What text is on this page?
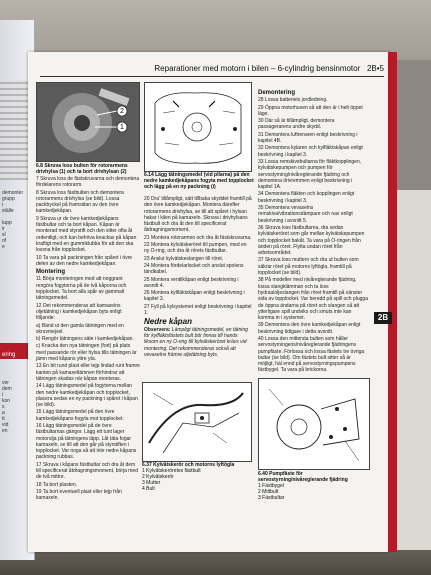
demonter
grupp
i
ställe

tupp
ir
sl
of
e
ver
dem
i
kon
s
a
tt
vid
en
ering
Reparationer med motorn i bilen – 6-cylindrig bensinmotor 2B•5
2
1
6.8 Skruva loss bulten för rotorarmens drivhylsa (1) och ta bort drivhylsan (2)	6.14 Lägg tätningsmedel (vid pilarna) på den nedre kamkedjekåpans fogyta med topplocket och lägg på en ny packning (i)

7 Skruva loss de fästskruvarna och demontera fördelarens rotorarm.

8 Skruva loss fästbulten och demontera rotorarmens drivhylsa (se bild). Lossa packbyckel på framsidan av den övre kamkedjekåpan.

9 Skruva ur de övre kamkedjekåpans fästbultar och ta bort kåpan. Kåpan är monterad med styrstift och den sitter ofta åt ordentligt, och kan behöva knackas på kåpan kraftigt med en gummiklubba för att den ska lossna från topplocket.

10 Ta vara på packningen från spåret i övre delen av den nedre kamkedjekåpan.

Montering

11 Börja monteringen med att noggrant rengöra fogytorna på de två kåporna och topplocket. Ta bort alla spår av gammalt tätningsmedel.

12 Det rekommenderas att kamaxelns oljetätning i kamkedjekåpan byts enligt följande:

a) Bänd ut den gamla tätningen med en skruvmejsel.

b) Rengör tätningens säte i kamkedjekåpan.

c) Knacka den nya tätningen (fort) på plats med passande rör eller hylsa tills tätningen är jämn med kåpans yttre yta.

13 En bit rund plast eller tejp lindad runt framre kanten på kamaxeltämnen förhindrar att tätningen skadas när kåpan monteras.

14 Lägg tätningsmedel på fogytorna mellan den nedre kamkedjekåpan och topplocket, placera sedan en ny packning i spåret i kåpan (se bild).

15 Lägg tätningsmedel på den övre kamkedjekåpans fogyta mot topplocket.

16 Lägg tätningsmedel på de övre fästbultarnas gängor. Lägg ett tunt lager motorolja på tätningens läpp. Låt täta fogar kamaxeln, se till att den går på styrstiften i topplocket. Var noga så att inte nedre kåpans packning rubbas.

17 Skruva i kåpans fästbultar och dra åt dem till specificerat åtdragningsmoment, börja med de två mittre.

18 Ta bort plasten.

19 Ta bort eventuell plast eller tejp från kamaxeln.

20 Dra' tillåmpligt, sätt tillbaka skyddet framtill på den övre kamkedjekåpan. Montera därefter rotorarmens drivhylsa, se till att spåret i hylsan hakar i kilen på kamaxeln. Skruva i drivhylsans fästbult och dra åt den till specificerat åtdragningsmoment.

21 Montera rotorarmen och dra åt fästskruvarna.

22 Montera kylvätskeröret till pumpen, med en ny O-ring, och dra åt rörets fästbultar.

23 Anslut kylvätskeslangen till röret.

24 Montera fördelarlocket och anslut spolens tändkabel.

25 Montera ventilkåpan enligt beskrivning i avsnitt 4.

26 Montera kylfläktskåpan enligt beskrivning i kapitel 3.

27 Fyll på kylsystemet enligt beskrivning i kapitel 1.

Nedre kåpan

Observera: Lämpligt tätningsmedel, en tätning för kylfläktsfästets bult bör finnas till hands liksom en ny O-ring till kylvätskeröret krävs vid montering. Det rekommenderas också att vevaxelns främre oljetätning byts.

Demontering

28 Lossa batteriets jordledning.

29 Öppna motorhuven så att den är i helt öppet läge.

30 Där så är tillämpligt, demontera passagerarens undre skydd.

31 Demontera luftrenaren enligt beskrivning i kapitel 4B.

32 Demontera kylaren och kylfläktskåpan enligt beskrivning i kapitel 3.

33 Lossa remskivebultarna för fläktkopplingen, kylvätskepumpen och pumpen för servostyrning/nivåreglerande fjädring och demontera drivremmen enligt beskrivning i kapitel 1A.

34 Demontera fläkten och kopplingen enligt beskrivning i kapitel 3.

35 Demontera vevaxelns remskiva/vibrationsdämpare och nav enligt beskrivning i avsnitt 5.

36 Skruva loss fästbultarna, dra sedan kylvätskeröret som går mellan kylvätskepumpen och topplocket bakåt. Ta vara på O-ringen från änden på röret. Flytta undan röret från arbetsområdet.

37 Skruva loss muttern och dra ut bulten som säkrar röret på motorns lyftögla, framtill på topplocket (se bild).

38 På modeller med nivåreglerande fjädring, lossa slangklämman och ta loss hydrauloljeslangen från röret framtill på vänster sida av topplocket. Var beredd på spill och plugga de öppna ändarna på röret och slangen så att ytterligare spill undviks och smuts inte kan komma in i systemet.

39 Demontera den övre kamkedjekåpan enligt beskrivning tidigare i detta avsnitt.

40 Lossa den mittersta bulten som håller servostyrningens/nivåreglerande fjädringens pumpfäste. Förlossa och lossa fästets tre övriga bultar (se bild). Om fästets bult sitter så är möjligt, häl ennd på servostyrningspumpens fästbygel. Ta vara på brickorna.

2B
6.37 Kylvätskerör och motorns lyftögla
1 Kylvätskeröretes fästbult
2 Kylvätskerör
3 Mutter
4 Bult
6.40 Pumpfäste för servostyrning/nivåreglerande fjädring
1 Fästbygel
2 Mittbult
3 Fästbultar
